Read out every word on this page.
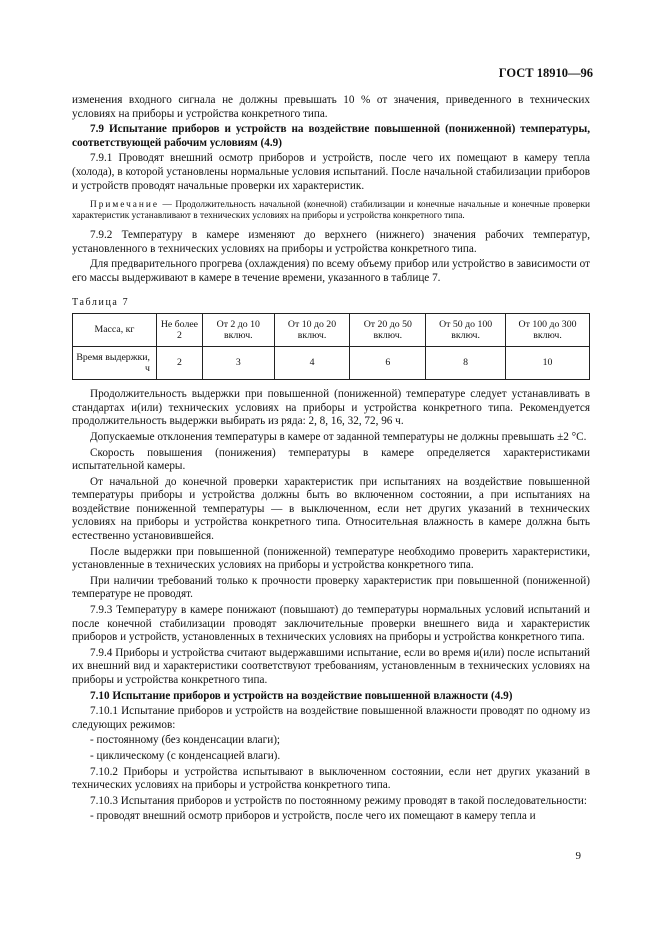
ГОСТ 18910—96

изменения входного сигнала не должны превышать 10 % от значения, приведенного в технических условиях на приборы и устройства конкретного типа.

7.9 Испытание приборов и устройств на воздействие повышенной (пониженной) температуры, соответствующей рабочим условиям (4.9)

7.9.1 Проводят внешний осмотр приборов и устройств, после чего их помещают в камеру тепла (холода), в которой установлены нормальные условия испытаний. После начальной стабилизации приборов и устройств проводят начальные проверки их характеристик.

Примечание — Продолжительность начальной (конечной) стабилизации и конечные начальные и конечные проверки характеристик устанавливают в технических условиях на приборы и устройства конкретного типа.

7.9.2 Температуру в камере изменяют до верхнего (нижнего) значения рабочих температур, установленного в технических условиях на приборы и устройства конкретного типа.

Для предварительного прогрева (охлаждения) по всему объему прибор или устройство в зависимости от его массы выдерживают в камере в течение времени, указанного в таблице 7.

Таблица 7

Масса, кг	Не более 2	От 2 до 10 включ.	От 10 до 20 включ.	От 20 до 50 включ.	От 50 до 100 включ.	От 100 до 300 включ.
Время выдержки, ч	2	3	4	6	8	10

Продолжительность выдержки при повышенной (пониженной) температуре следует устанавливать в стандартах и(или) технических условиях на приборы и устройства конкретного типа. Рекомендуется продолжительность выдержки выбирать из ряда: 2, 8, 16, 32, 72, 96 ч.

Допускаемые отклонения температуры в камере от заданной температуры не должны превышать ±2 °С.

Скорость повышения (понижения) температуры в камере определяется характеристиками испытательной камеры.

От начальной до конечной проверки характеристик при испытаниях на воздействие повышенной температуры приборы и устройства должны быть во включенном состоянии, а при испытаниях на воздействие пониженной температуры — в выключенном, если нет других указаний в технических условиях на приборы и устройства конкретного типа. Относительная влажность в камере должна быть естественно установившейся.

После выдержки при повышенной (пониженной) температуре необходимо проверить характеристики, установленные в технических условиях на приборы и устройства конкретного типа.

При наличии требований только к прочности проверку характеристик при повышенной (пониженной) температуре не проводят.

7.9.3 Температуру в камере понижают (повышают) до температуры нормальных условий испытаний и после конечной стабилизации проводят заключительные проверки внешнего вида и характеристик приборов и устройств, установленных в технических условиях на приборы и устройства конкретного типа.

7.9.4 Приборы и устройства считают выдержавшими испытание, если во время и(или) после испытаний их внешний вид и характеристики соответствуют требованиям, установленным в технических условиях на приборы и устройства конкретного типа.

7.10 Испытание приборов и устройств на воздействие повышенной влажности (4.9)

7.10.1 Испытание приборов и устройств на воздействие повышенной влажности проводят по одному из следующих режимов:

- постоянному (без конденсации влаги);

- циклическому (с конденсацией влаги).

7.10.2 Приборы и устройства испытывают в выключенном состоянии, если нет других указаний в технических условиях на приборы и устройства конкретного типа.

7.10.3 Испытания приборов и устройств по постоянному режиму проводят в такой последовательности:

- проводят внешний осмотр приборов и устройств, после чего их помещают в камеру тепла и

9
